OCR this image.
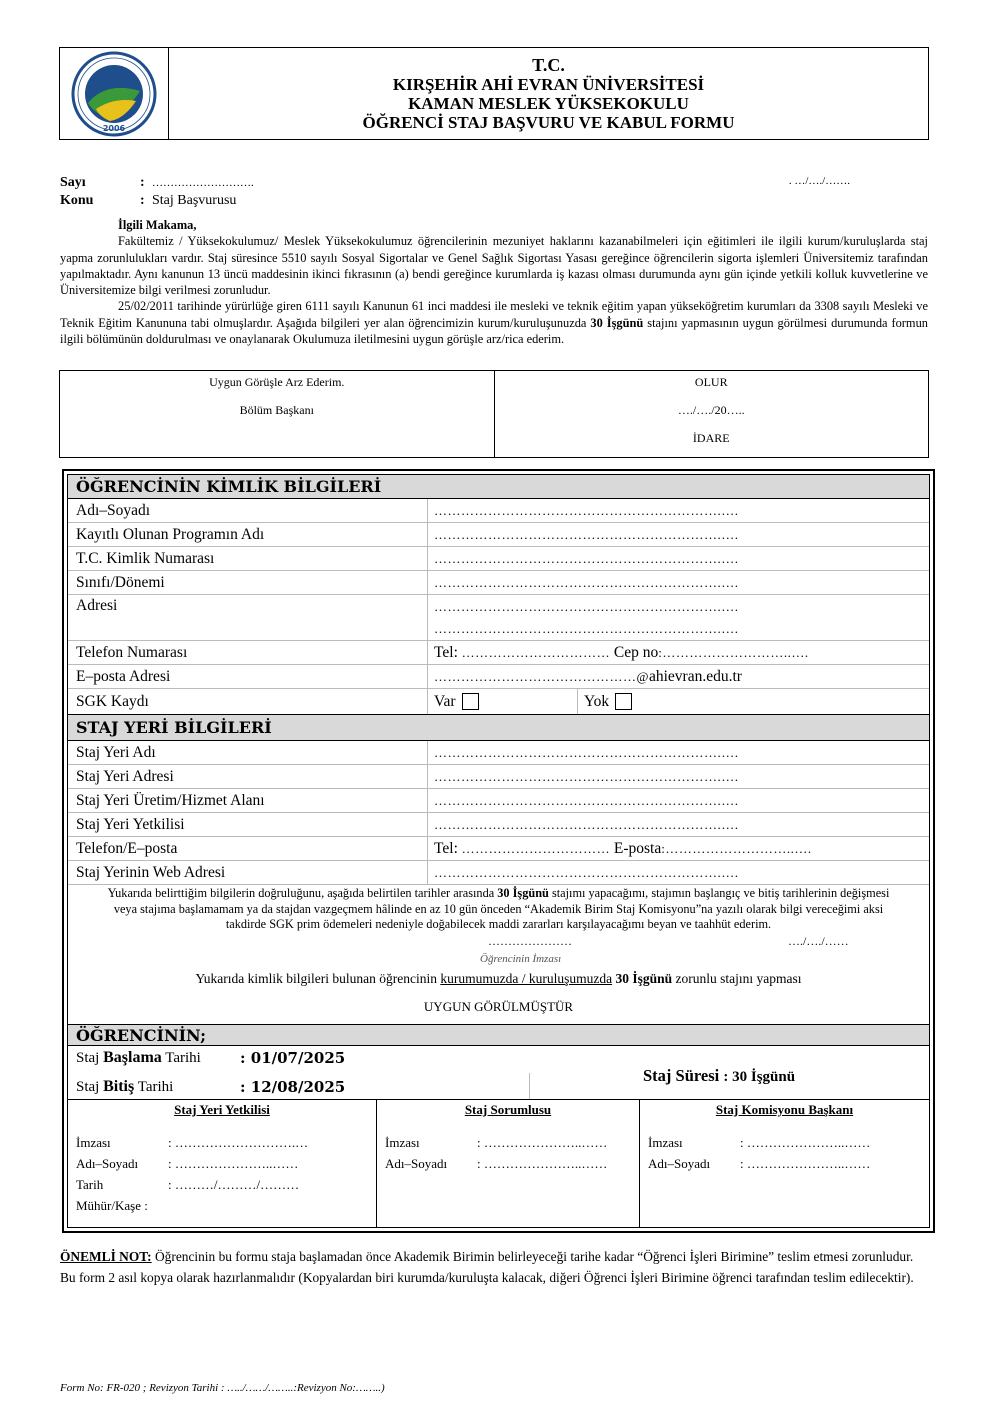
2006
T.C.
KIRŞEHİR AHİ EVRAN ÜNİVERSİTESİ
KAMAN MESLEK YÜKSEKOKULU
ÖĞRENCİ STAJ BAŞVURU VE KABUL FORMU
Sayı	: ……………………….
Konu	: Staj Başvurusu
. …/…./…….
İlgili Makama,

Fakültemiz / Yüksekokulumuz/ Meslek Yüksekokulumuz öğrencilerinin mezuniyet haklarını kazanabilmeleri için eğitimleri ile ilgili kurum/kuruluşlarda staj yapma zorunlulukları vardır. Staj süresince 5510 sayılı Sosyal Sigortalar ve Genel Sağlık Sigortası Yasası gereğince öğrencilerin sigorta işlemleri Üniversitemiz tarafından yapılmaktadır. Aynı kanunun 13 üncü maddesinin ikinci fıkrasının (a) bendi gereğince kurumlarda iş kazası olması durumunda aynı gün içinde yetkili kolluk kuvvetlerine ve Üniversitemize bilgi verilmesi zorunludur.

25/02/2011 tarihinde yürürlüğe giren 6111 sayılı Kanunun 61 inci maddesi ile mesleki ve teknik eğitim yapan yükseköğretim kurumları da 3308 sayılı Mesleki ve Teknik Eğitim Kanununa tabi olmuşlardır. Aşağıda bilgileri yer alan öğrencimizin kurum/kuruluşunuzda 30 İşgünü stajını yapmasının uygun görülmesi durumunda formun ilgili bölümünün doldurulması ve onaylanarak Okulumuza iletilmesini uygun görüşle arz/rica ederim.

Uygun Görüşle Arz Ederim.
Bölüm Başkanı
OLUR
…./…./20…..
İDARE
ÖĞRENCİNİN KİMLİK BİLGİLERİ
Adı–Soyadı	……………………………………………………….….
Kayıtlı Olunan Programın Adı	……………………………………………………….….
T.C. Kimlik Numarası	……………………………………………………….….
Sınıfı/Dönemi	……………………………………………………….….
Adresi	……………………………………………………….….
……………………………………………………….….
Telefon Numarası	Tel: …………………………… Cep no:………………………..….
E–posta Adresi	………………………………………@ahievran.edu.tr
SGK Kaydı	Var	Yok
STAJ YERİ BİLGİLERİ
Staj Yeri Adı	……………………………………………………….….
Staj Yeri Adresi	……………………………………………………….….
Staj Yeri Üretim/Hizmet Alanı	……………………………………………………….….
Staj Yeri Yetkilisi	……………………………………………………….….
Telefon/E–posta	Tel: …………………………… E-posta:………………………..….
Staj Yerinin Web Adresi	……………………………………………………….….
Yukarıda belirttiğim bilgilerin doğruluğunu, aşağıda belirtilen tarihler arasında 30 İşgünü stajımı yapacağımı, stajımın başlangıç ve bitiş tarihlerinin değişmesi veya stajıma başlamamam ya da stajdan vazgeçmem hâlinde en az 10 gün önceden “Akademik Birim Staj Komisyonu”na yazılı olarak bilgi vereceğimi aksi takdirde SGK prim ödemeleri nedeniyle doğabilecek maddi zararları karşılayacağımı beyan ve taahhüt ederim.
…………………	…./…./……
Öğrencinin İmzası
Yukarıda kimlik bilgileri bulunan öğrencinin kurumumuzda / kuruluşumuzda 30 İşgünü zorunlu stajını yapması
UYGUN GÖRÜLMÜŞTÜR
ÖĞRENCİNİN;
Staj Başlama Tarihi	: 01/07/2025
Staj Bitiş Tarihi	: 12/08/2025
Staj Süresi : 30 İşgünü
Staj Yeri Yetkilisi
İmzası	: ……………………….…
Adı–Soyadı	: …………………..……
Tarih	: ………/………/………
Mühür/Kaşe :
Staj Sorumlusu
İmzası	: …………………..……
Adı–Soyadı	: …………………..……
Staj Komisyonu Başkanı
İmzası	: …………………..……
Adı–Soyadı	: …………………..……
ÖNEMLİ NOT: Öğrencinin bu formu staja başlamadan önce Akademik Birimin belirleyeceği tarihe kadar “Öğrenci İşleri Birimine” teslim etmesi zorunludur. Bu form 2 asıl kopya olarak hazırlanmalıdır (Kopyalardan biri kurumda/kuruluşta kalacak, diğeri Öğrenci İşleri Birimine öğrenci tarafından teslim edilecektir).
Form No: FR-020 ; Revizyon Tarihi : …../……/……..:Revizyon No:……..)
